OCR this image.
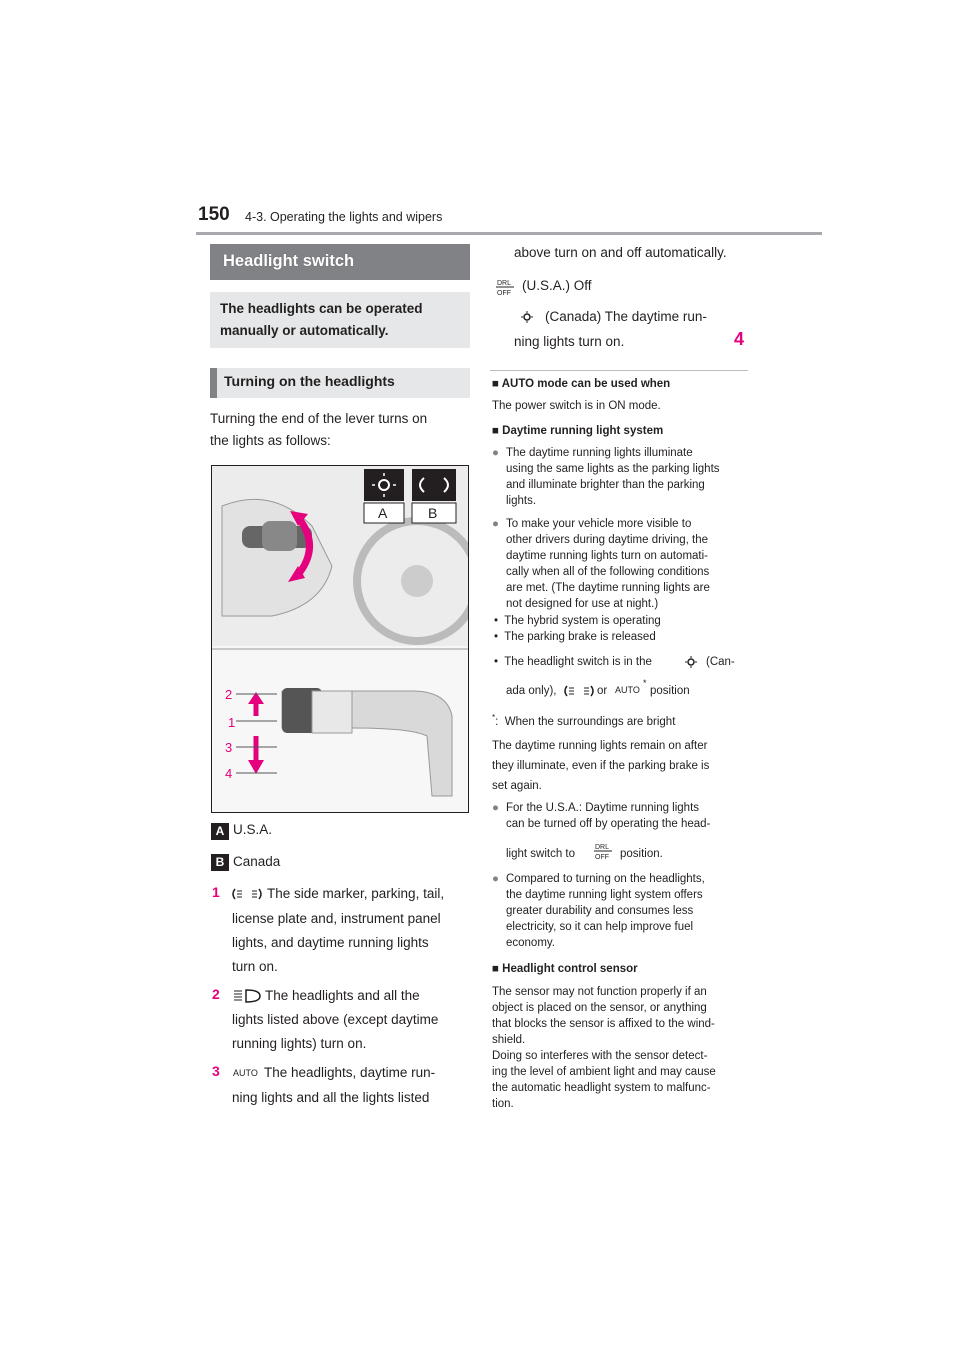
150 4-3. Operating the lights and wipers
Headlight switch
The headlights can be operated manually or automatically.
Turning on the headlights
Turning the end of the lever turns on
the lights as follows:
A	B
2
1
3
4
A U.S.A.
B Canada
1	The side marker, parking, tail,
license plate and, instrument panel
lights, and daytime running lights
turn on.
2	The headlights and all the
lights listed above (except daytime
running lights) turn on.
3 AUTO The headlights, daytime run-
ning lights and all the lights listed
above turn on and off automatically.
DRL
OFF
(U.S.A.) Off
(Canada) The daytime run-
ning lights turn on.	4
■ AUTO mode can be used when
The power switch is in ON mode.
■ Daytime running light system
● The daytime running lights illuminate
using the same lights as the parking lights
and illuminate brighter than the parking
lights.
● To make your vehicle more visible to
other drivers during daytime driving, the
daytime running lights turn on automati-
cally when all of the following conditions
are met. (The daytime running lights are
not designed for use at night.)
•  The hybrid system is operating
•  The parking brake is released
•  The headlight switch is in the	(Can-
ada only),	or AUTO
*
position
*:  When the surroundings are bright
The daytime running lights remain on after
they illuminate, even if the parking brake is
set again.
● For the U.S.A.: Daytime running lights
can be turned off by operating the head-
light switch to
DRL
OFF position.
● Compared to turning on the headlights,
the daytime running light system offers
greater durability and consumes less
electricity, so it can help improve fuel
economy.
■ Headlight control sensor
The sensor may not function properly if an
object is placed on the sensor, or anything
that blocks the sensor is affixed to the wind-
shield.
Doing so interferes with the sensor detect-
ing the level of ambient light and may cause
the automatic headlight system to malfunc-
tion.
